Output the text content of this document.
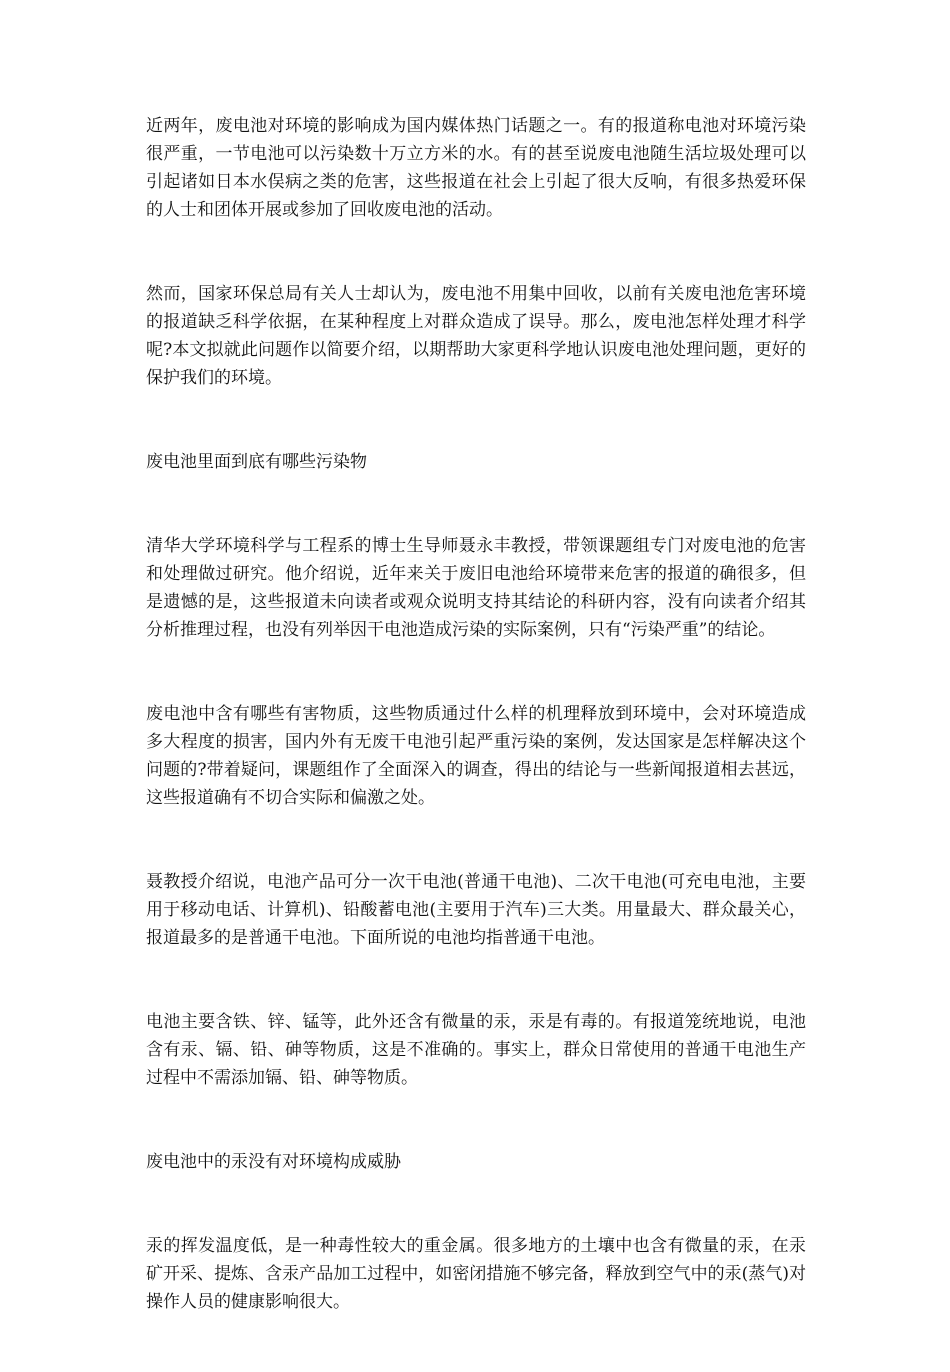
近两年，废电池对环境的影响成为国内媒体热门话题之一。有的报道称电池对环境污染很严重，一节电池可以污染数十万立方米的水。有的甚至说废电池随生活垃圾处理可以引起诸如日本水俣病之类的危害，这些报道在社会上引起了很大反响，有很多热爱环保的人士和团体开展或参加了回收废电池的活动。

然而，国家环保总局有关人士却认为，废电池不用集中回收，以前有关废电池危害环境的报道缺乏科学依据，在某种程度上对群众造成了误导。那么，废电池怎样处理才科学呢?本文拟就此问题作以简要介绍，以期帮助大家更科学地认识废电池处理问题，更好的保护我们的环境。

废电池里面到底有哪些污染物

清华大学环境科学与工程系的博士生导师聂永丰教授，带领课题组专门对废电池的危害和处理做过研究。他介绍说，近年来关于废旧电池给环境带来危害的报道的确很多，但是遗憾的是，这些报道未向读者或观众说明支持其结论的科研内容，没有向读者介绍其分析推理过程，也没有列举因干电池造成污染的实际案例，只有“污染严重”的结论。

废电池中含有哪些有害物质，这些物质通过什么样的机理释放到环境中，会对环境造成多大程度的损害，国内外有无废干电池引起严重污染的案例，发达国家是怎样解决这个问题的?带着疑问，课题组作了全面深入的调查，得出的结论与一些新闻报道相去甚远，这些报道确有不切合实际和偏激之处。

聂教授介绍说，电池产品可分一次干电池(普通干电池)、二次干电池(可充电电池，主要用于移动电话、计算机)、铅酸蓄电池(主要用于汽车)三大类。用量最大、群众最关心，报道最多的是普通干电池。下面所说的电池均指普通干电池。

电池主要含铁、锌、锰等，此外还含有微量的汞，汞是有毒的。有报道笼统地说，电池含有汞、镉、铅、砷等物质，这是不准确的。事实上，群众日常使用的普通干电池生产过程中不需添加镉、铅、砷等物质。

废电池中的汞没有对环境构成威胁

汞的挥发温度低，是一种毒性较大的重金属。很多地方的土壤中也含有微量的汞，在汞矿开采、提炼、含汞产品加工过程中，如密闭措施不够完备，释放到空气中的汞(蒸气)对操作人员的健康影响很大。
